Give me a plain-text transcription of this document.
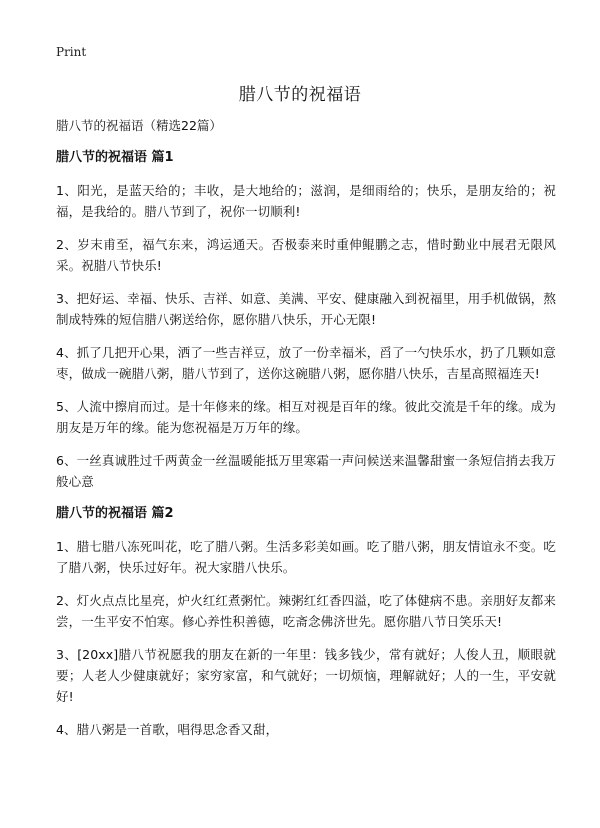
Print
腊八节的祝福语

腊八节的祝福语（精选22篇）

腊八节的祝福语 篇1

1、阳光，是蓝天给的；丰收，是大地给的；滋润，是细雨给的；快乐，是朋友给的；祝福，是我给的。腊八节到了，祝你一切顺利!

2、岁末甫至，福气东来，鸿运通天。否极泰来时重伸鲲鹏之志，惜时勤业中展君无限风采。祝腊八节快乐!

3、把好运、幸福、快乐、吉祥、如意、美满、平安、健康融入到祝福里，用手机做锅，熬制成特殊的短信腊八粥送给你，愿你腊八快乐，开心无限!

4、抓了几把开心果，洒了一些吉祥豆，放了一份幸福米，舀了一勺快乐水，扔了几颗如意枣，做成一碗腊八粥，腊八节到了，送你这碗腊八粥，愿你腊八快乐，吉星高照福连天!

5、人流中擦肩而过。是十年修来的缘。相互对视是百年的缘。彼此交流是千年的缘。成为朋友是万年的缘。能为您祝福是万万年的缘。

6、一丝真诚胜过千两黄金一丝温暖能抵万里寒霜一声问候送来温馨甜蜜一条短信捎去我万般心意

腊八节的祝福语 篇2

1、腊七腊八冻死叫花，吃了腊八粥。生活多彩美如画。吃了腊八粥，朋友情谊永不变。吃了腊八粥，快乐过好年。祝大家腊八快乐。

2、灯火点点比星亮，炉火红红煮粥忙。辣粥红红香四溢，吃了体健病不患。亲朋好友都来尝，一生平安不怕寒。修心养性积善德，吃斋念佛济世先。愿你腊八节日笑乐天!

3、[20xx]腊八节祝愿我的朋友在新的一年里：钱多钱少，常有就好；人俊人丑，顺眼就要；人老人少健康就好；家穷家富，和气就好；一切烦恼，理解就好；人的一生，平安就好!

4、腊八粥是一首歌，唱得思念香又甜，
